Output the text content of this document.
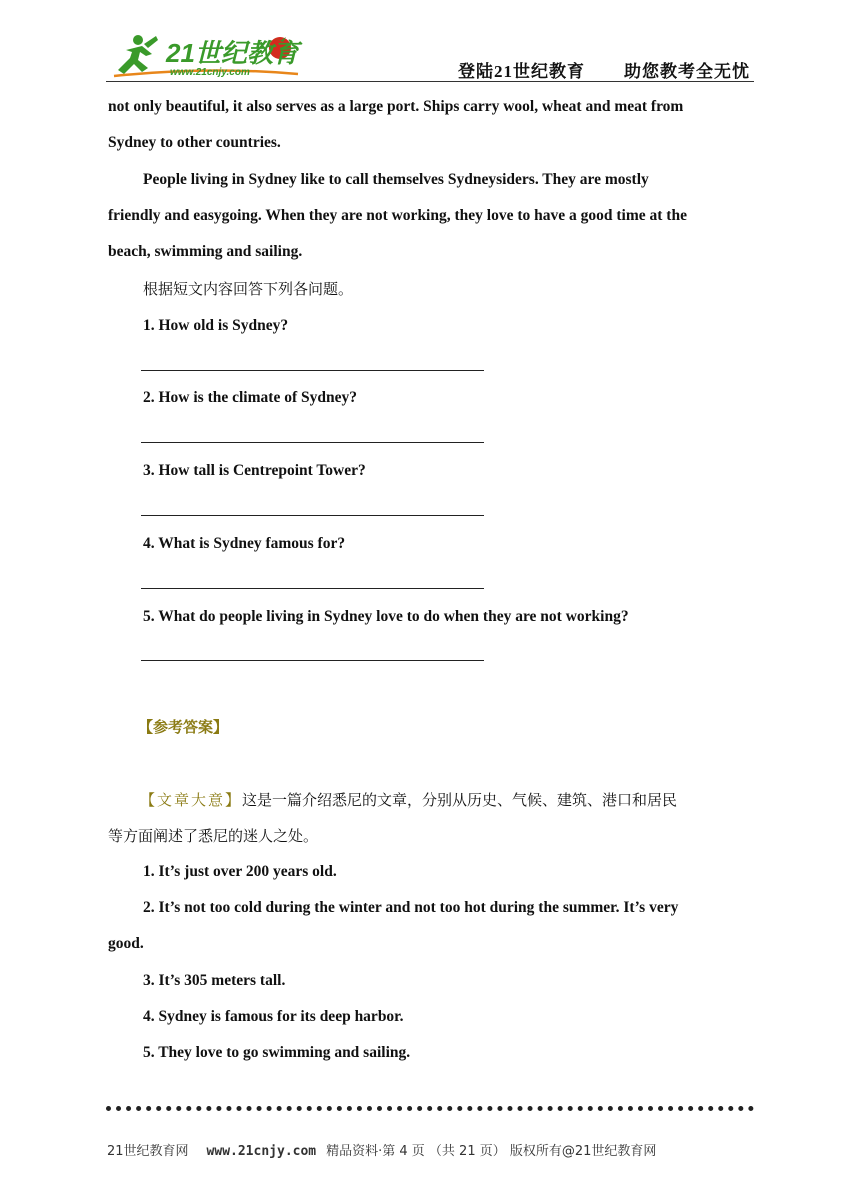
21世纪教育
www.21cnjy.com	登陆21世纪教育 助您教考全无忧
not only beautiful, it also serves as a large port. Ships carry wool, wheat and meat from
Sydney to other countries.
People living in Sydney like to call themselves Sydneysiders. They are mostly
friendly and easygoing. When they are not working, they love to have a good time at the
beach, swimming and sailing.
根据短文内容回答下列各问题。
1. How old is Sydney?
2. How is the climate of Sydney?
3. How tall is Centrepoint Tower?
4. What is Sydney famous for?
5. What do people living in Sydney love to do when they are not working?
【参考答案】
【文章大意】这是一篇介绍悉尼的文章，分别从历史、气候、建筑、港口和居民
等方面阐述了悉尼的迷人之处。
1. It’s just over 200 years old.
2. It’s not too cold during the winter and not too hot during the summer. It’s very
good.
3. It’s 305 meters tall.
4. Sydney is famous for its deep harbor.
5. They love to go swimming and sailing.
21世纪教育网 www.21cnjy.com 精品资料·第 4 页 （共 21 页） 版权所有@21世纪教育网
